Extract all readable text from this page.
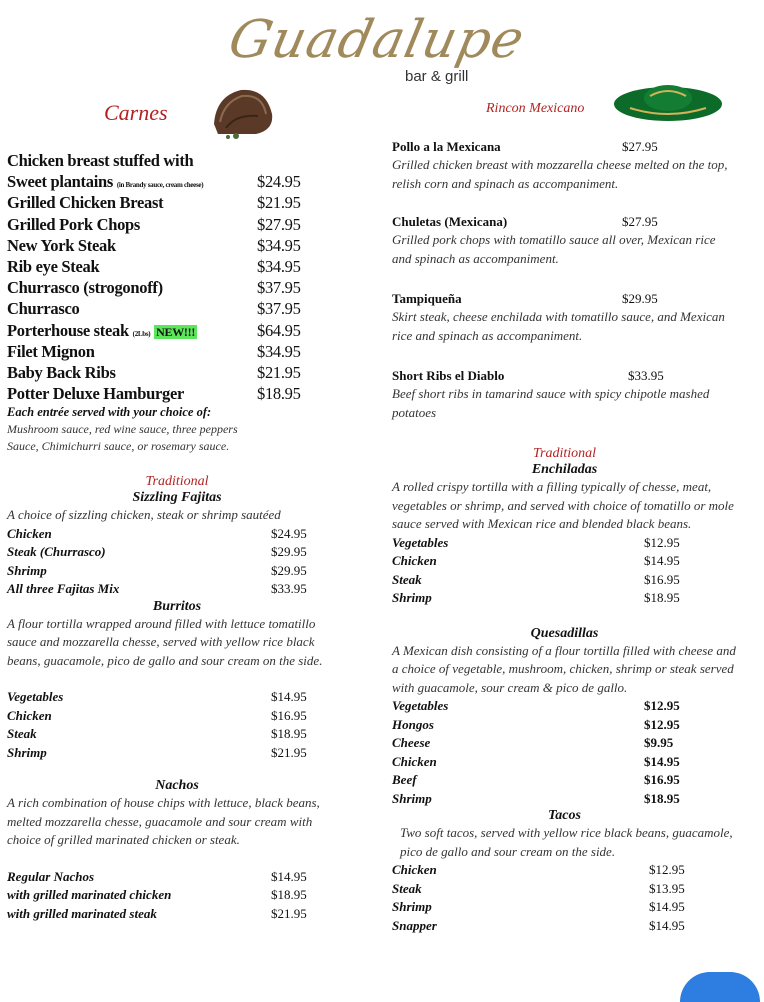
Guadalupe
bar & grill
Carnes
Chicken breast stuffed with
Sweet plantains (in Brandy sauce, cream cheese)	$24.95
Grilled Chicken Breast	$21.95
Grilled Pork Chops	$27.95
New York Steak	$34.95
Rib eye Steak	$34.95
Churrasco (strogonoff)	$37.95
Churrasco	$37.95
Porterhouse steak (2Lbs) NEW!!!	$64.95
Filet Mignon	$34.95
Baby Back Ribs	$21.95
Potter Deluxe Hamburger	$18.95
Each entrée served with your choice of:
Mushroom sauce, red wine sauce, three peppers
Sauce, Chimichurri sauce, or rosemary sauce.
Traditional
Sizzling Fajitas
A choice of sizzling chicken, steak or shrimp sautéed
Chicken	$24.95
Steak (Churrasco)	$29.95
Shrimp	$29.95
All three Fajitas Mix	$33.95
Burritos
A flour tortilla wrapped around filled with lettuce tomatillo sauce and mozzarella chesse, served with yellow rice black beans, guacamole, pico de gallo and sour cream on the side.
Vegetables	$14.95
Chicken	$16.95
Steak	$18.95
Shrimp	$21.95
Nachos
A rich combination of house chips with lettuce, black beans, melted mozzarella chesse, guacamole and sour cream with choice of grilled marinated chicken or steak.
Regular Nachos	$14.95
with grilled marinated chicken	$18.95
with grilled marinated steak	$21.95
Rincon Mexicano
Pollo a la Mexicana	$27.95
Grilled chicken breast with mozzarella cheese melted on the top, relish corn and spinach as accompaniment.
Chuletas (Mexicana)	$27.95
Grilled pork chops with tomatillo sauce all over, Mexican rice and spinach as accompaniment.
Tampiqueña	$29.95
Skirt steak, cheese enchilada with tomatillo sauce, and Mexican rice and spinach as accompaniment.
Short Ribs el Diablo	$33.95
Beef short ribs in tamarind sauce with spicy chipotle mashed potatoes
Traditional
Enchiladas
A rolled crispy tortilla with a filling typically of chesse, meat, vegetables or shrimp, and served with choice of tomatillo or mole sauce served with Mexican rice and blended black beans.
Vegetables	$12.95
Chicken	$14.95
Steak	$16.95
Shrimp	$18.95
Quesadillas
A Mexican dish consisting of a flour tortilla filled with cheese and a choice of vegetable, mushroom, chicken, shrimp or steak served with guacamole, sour cream & pico de gallo.
Vegetables	$12.95
Hongos	$12.95
Cheese	$9.95
Chicken	$14.95
Beef	$16.95
Shrimp	$18.95
Tacos
Two soft tacos, served with yellow rice black beans, guacamole, pico de gallo and sour cream on the side.
Chicken	$12.95
Steak	$13.95
Shrimp	$14.95
Snapper	$14.95
